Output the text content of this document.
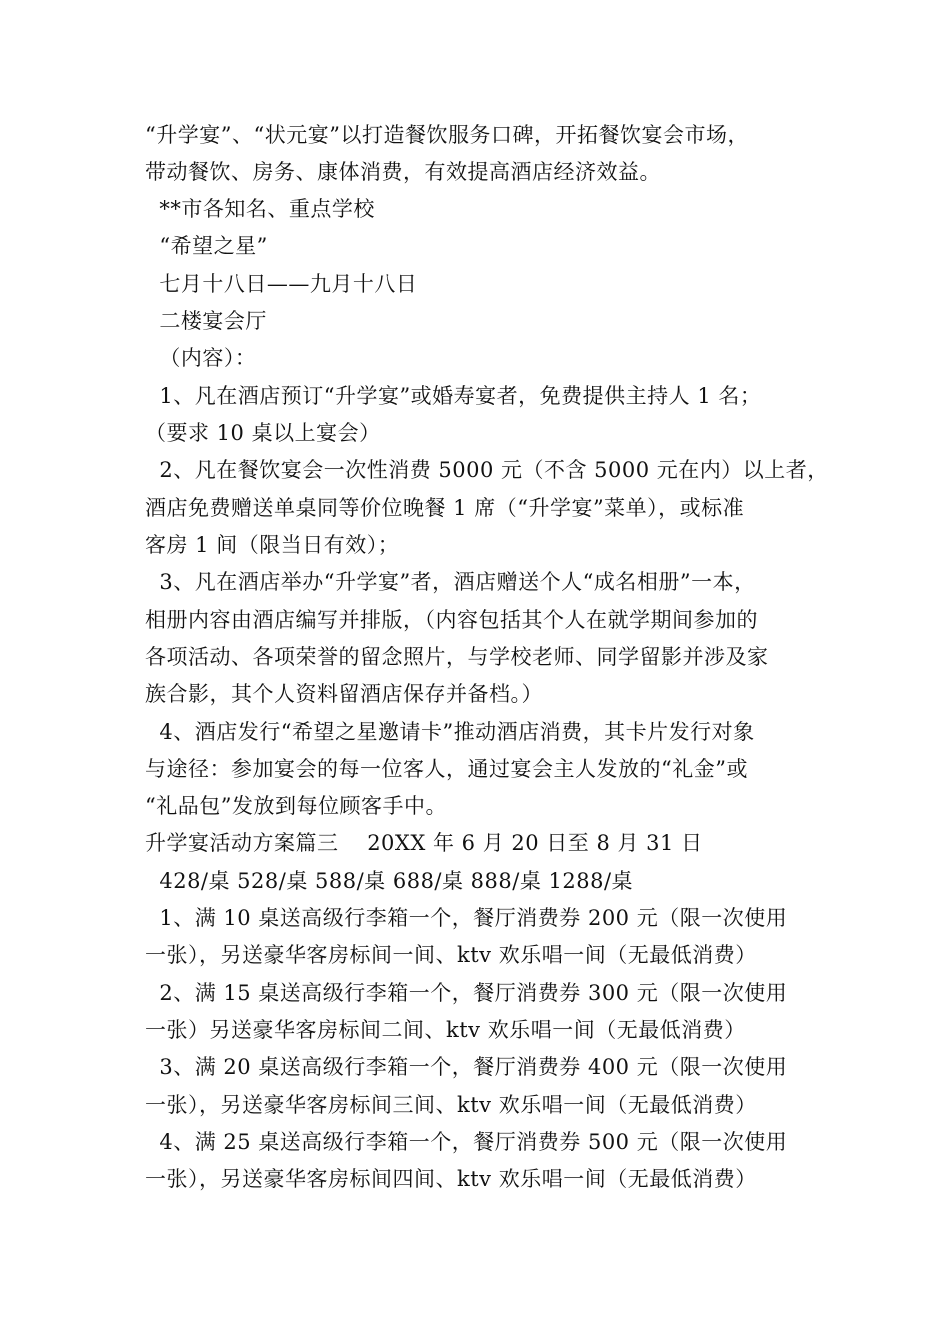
“升学宴”、“状元宴”以打造餐饮服务口碑，开拓餐饮宴会市场，
带动餐饮、房务、康体消费，有效提高酒店经济效益。
**市各知名、重点学校
“希望之星”
七月十八日——九月十八日
二楼宴会厅
（内容）：
1、凡在酒店预订“升学宴”或婚寿宴者，免费提供主持人 1 名；
（要求 10 桌以上宴会）
2、凡在餐饮宴会一次性消费 5000 元（不含 5000 元在内）以上者，
酒店免费赠送单桌同等价位晚餐 1 席（“升学宴”菜单），或标准
客房 1 间（限当日有效）；
3、凡在酒店举办“升学宴”者，酒店赠送个人“成名相册”一本，
相册内容由酒店编写并排版，（内容包括其个人在就学期间参加的
各项活动、各项荣誉的留念照片，与学校老师、同学留影并涉及家
族合影，其个人资料留酒店保存并备档。）
4、酒店发行“希望之星邀请卡”推动酒店消费，其卡片发行对象
与途径：参加宴会的每一位客人，通过宴会主人发放的“礼金”或
“礼品包”发放到每位顾客手中。
升学宴活动方案篇三    20XX 年 6 月 20 日至 8 月 31 日
428/桌 528/桌 588/桌 688/桌 888/桌 1288/桌
1、满 10 桌送高级行李箱一个，餐厅消费券 200 元（限一次使用
一张），另送豪华客房标间一间、ktv 欢乐唱一间（无最低消费）
2、满 15 桌送高级行李箱一个，餐厅消费券 300 元（限一次使用
一张）另送豪华客房标间二间、ktv 欢乐唱一间（无最低消费）
3、满 20 桌送高级行李箱一个，餐厅消费券 400 元（限一次使用
一张），另送豪华客房标间三间、ktv 欢乐唱一间（无最低消费）
4、满 25 桌送高级行李箱一个，餐厅消费券 500 元（限一次使用
一张），另送豪华客房标间四间、ktv 欢乐唱一间（无最低消费）
